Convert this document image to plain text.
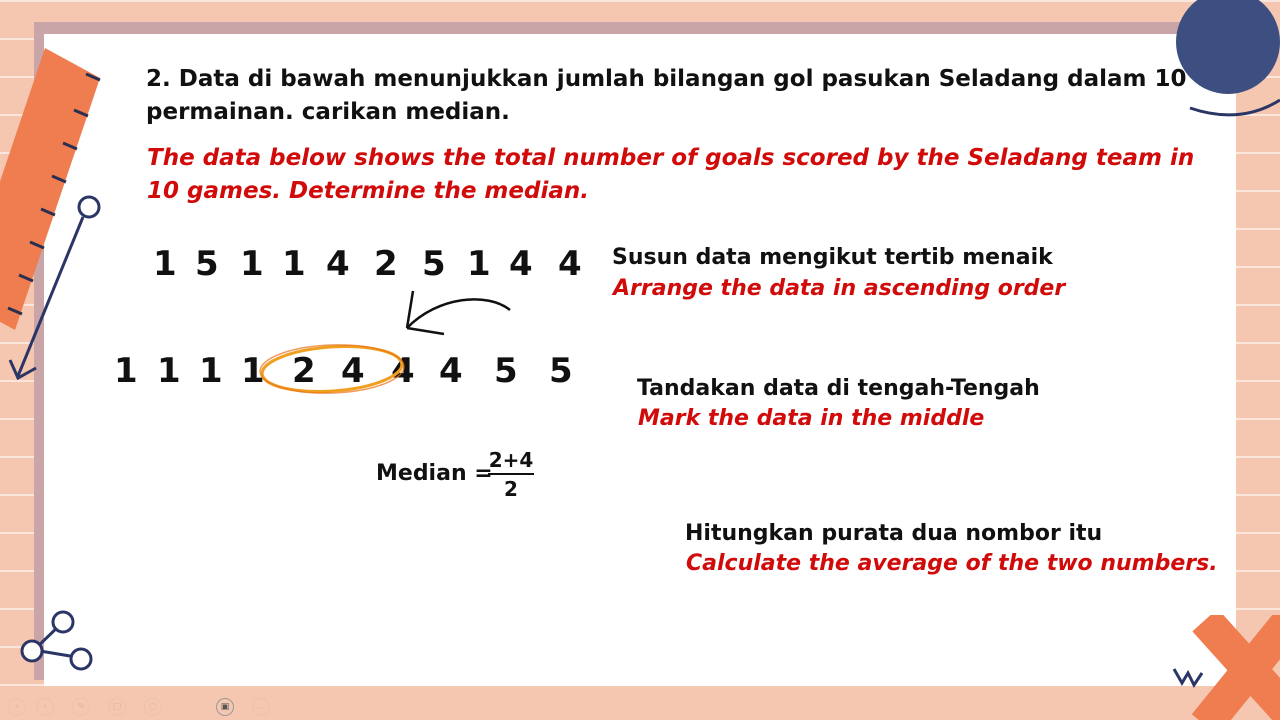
2. Data di bawah menunjukkan jumlah bilangan gol pasukan Seladang dalam 10
permainan. carikan median.
The data below shows the total number of goals scored by the Seladang team in
10 games. Determine the median.
1 5 1 1 4 2 5 1 4 4 Susun data mengikut tertib menaik
Arrange the data in ascending order
1 1 1 1 2 4 4 4 5 5	Tandakan data di tengah-Tengah
Mark the data in the middle
Median =
$\frac{2+4}{2}$
Hitungkan purata dua nombor itu
Calculate the average of the two numbers.
‹	›	✎	▢	○	▣	…
